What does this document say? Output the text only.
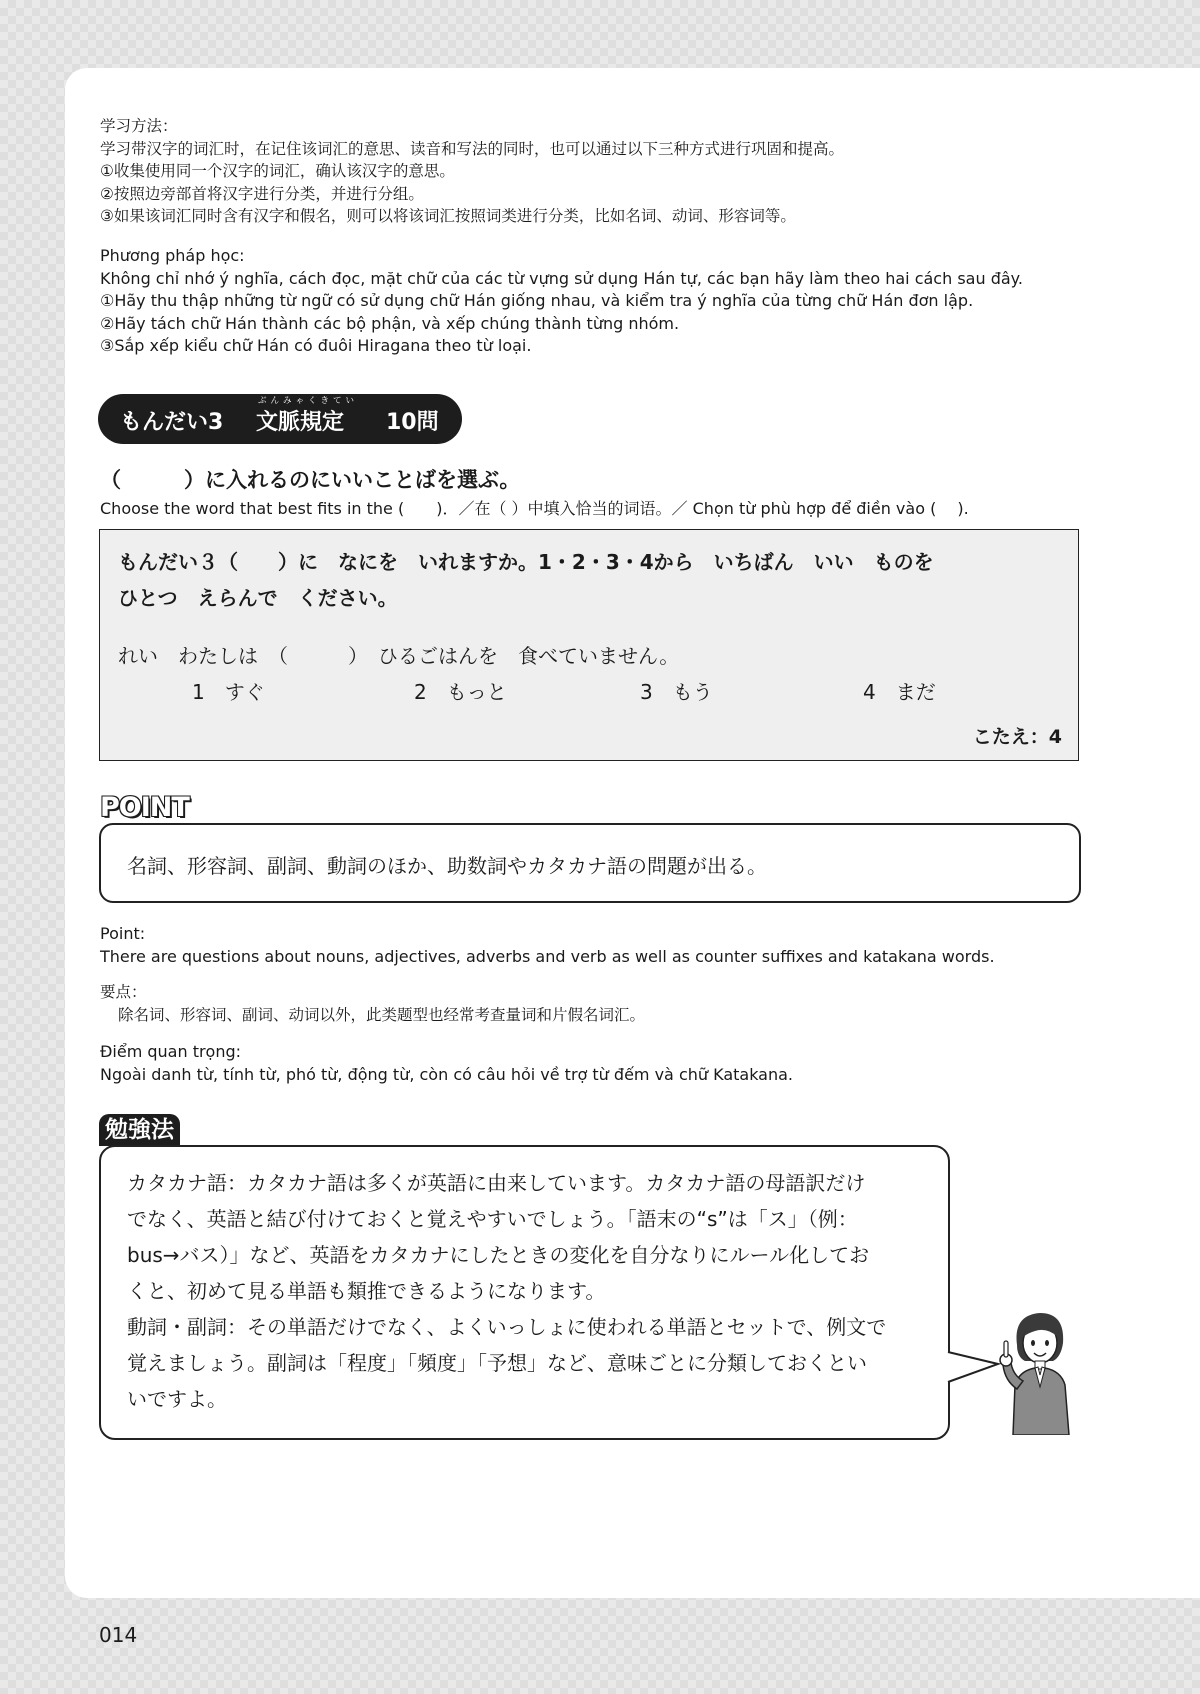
学习方法：
学习带汉字的词汇时，在记住该词汇的意思、读音和写法的同时，也可以通过以下三种方式进行巩固和提高。
①收集使用同一个汉字的词汇，确认该汉字的意思。
②按照边旁部首将汉字进行分类，并进行分组。
③如果该词汇同时含有汉字和假名，则可以将该词汇按照词类进行分类，比如名词、动词、形容词等。
Phương pháp học:
Không chỉ nhớ ý nghĩa, cách đọc, mặt chữ của các từ vựng sử dụng Hán tự, các bạn hãy làm theo hai cách sau đây.
①Hãy thu thập những từ ngữ có sử dụng chữ Hán giống nhau, và kiểm tra ý nghĩa của từng chữ Hán đơn lập.
②Hãy tách chữ Hán thành các bộ phận, và xếp chúng thành từng nhóm.
③Sắp xếp kiểu chữ Hán có đuôi Hiragana theo từ loại.
もんだい3
ぶんみゃくきてい
文脈規定 10問
（　　　）に入れるのにいいことばを選ぶ。
Choose the word that best fits in the (　　)．／在（ ）中填入恰当的词语。／ Chọn từ phù hợp để điền vào (　 ).
もんだい３（　　）に　なにを　いれますか。1・2・3・4から　いちばん　いい　ものを
ひとつ　えらんで　ください。
れい　わたしは　（　　　）　ひるごはんを　食べていません。
1　すぐ	2　もっと	3　もう	4　まだ
こたえ：4
POINT
名詞、形容詞、副詞、動詞のほか、助数詞やカタカナ語の問題が出る。
Point:
There are questions about nouns, adjectives, adverbs and verb as well as counter suffixes and katakana words.
要点：
除名词、形容词、副词、动词以外，此类题型也经常考查量词和片假名词汇。
Điểm quan trọng:
Ngoài danh từ, tính từ, phó từ, động từ, còn có câu hỏi về trợ từ đếm và chữ Katakana.
勉強法
カタカナ語：カタカナ語は多くが英語に由来しています。カタカナ語の母語訳だけ
でなく、英語と結び付けておくと覚えやすいでしょう。「語末の“s”は「ス」（例：
bus→バス）」など、英語をカタカナにしたときの変化を自分なりにルール化してお
くと、初めて見る単語も類推できるようになります。
動詞・副詞：その単語だけでなく、よくいっしょに使われる単語とセットで、例文で
覚えましょう。副詞は「程度」「頻度」「予想」など、意味ごとに分類しておくとい
いですよ。
014
